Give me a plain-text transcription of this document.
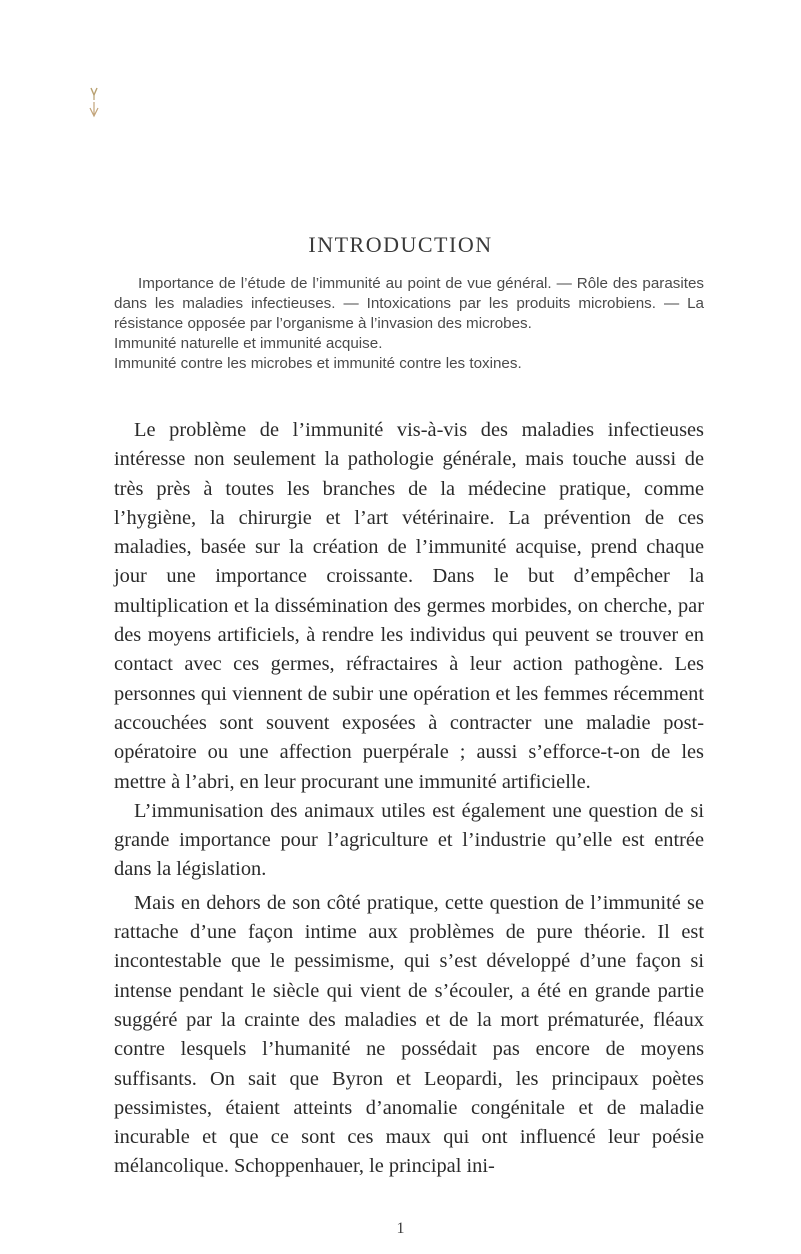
INTRODUCTION

Importance de l’étude de l’immunité au point de vue général. — Rôle des parasites dans les maladies infectieuses. — Intoxications par les produits microbiens. — La résistance opposée par l’organisme à l’invasion des microbes.

Immunité naturelle et immunité acquise.

Immunité contre les microbes et immunité contre les toxines.

Le problème de l’immunité vis-à-vis des maladies infectieuses intéresse non seulement la pathologie générale, mais touche aussi de très près à toutes les branches de la médecine pratique, comme l’hygiène, la chirurgie et l’art vétérinaire. La prévention de ces maladies, basée sur la création de l’immunité acquise, prend chaque jour une importance croissante. Dans le but d’empêcher la multiplication et la dissémination des germes morbides, on cherche, par des moyens artificiels, à rendre les individus qui peuvent se trouver en contact avec ces germes, réfractaires à leur action pathogène. Les personnes qui viennent de subir une opération et les femmes récemment accouchées sont souvent exposées à contracter une maladie post-opératoire ou une affection puerpérale ; aussi s’efforce-t-on de les mettre à l’abri, en leur procurant une immunité artificielle.

L’immunisation des animaux utiles est également une question de si grande importance pour l’agriculture et l’industrie qu’elle est entrée dans la législation.

Mais en dehors de son côté pratique, cette question de l’immunité se rattache d’une façon intime aux problèmes de pure théorie. Il est incontestable que le pessimisme, qui s’est développé d’une façon si intense pendant le siècle qui vient de s’écouler, a été en grande partie suggéré par la crainte des maladies et de la mort prématurée, fléaux contre lesquels l’humanité ne possédait pas encore de moyens suffisants. On sait que Byron et Leopardi, les principaux poètes pessimistes, étaient atteints d’anomalie congénitale et de maladie incurable et que ce sont ces maux qui ont influencé leur poésie mélancolique. Schoppenhauer, le principal ini-

1
